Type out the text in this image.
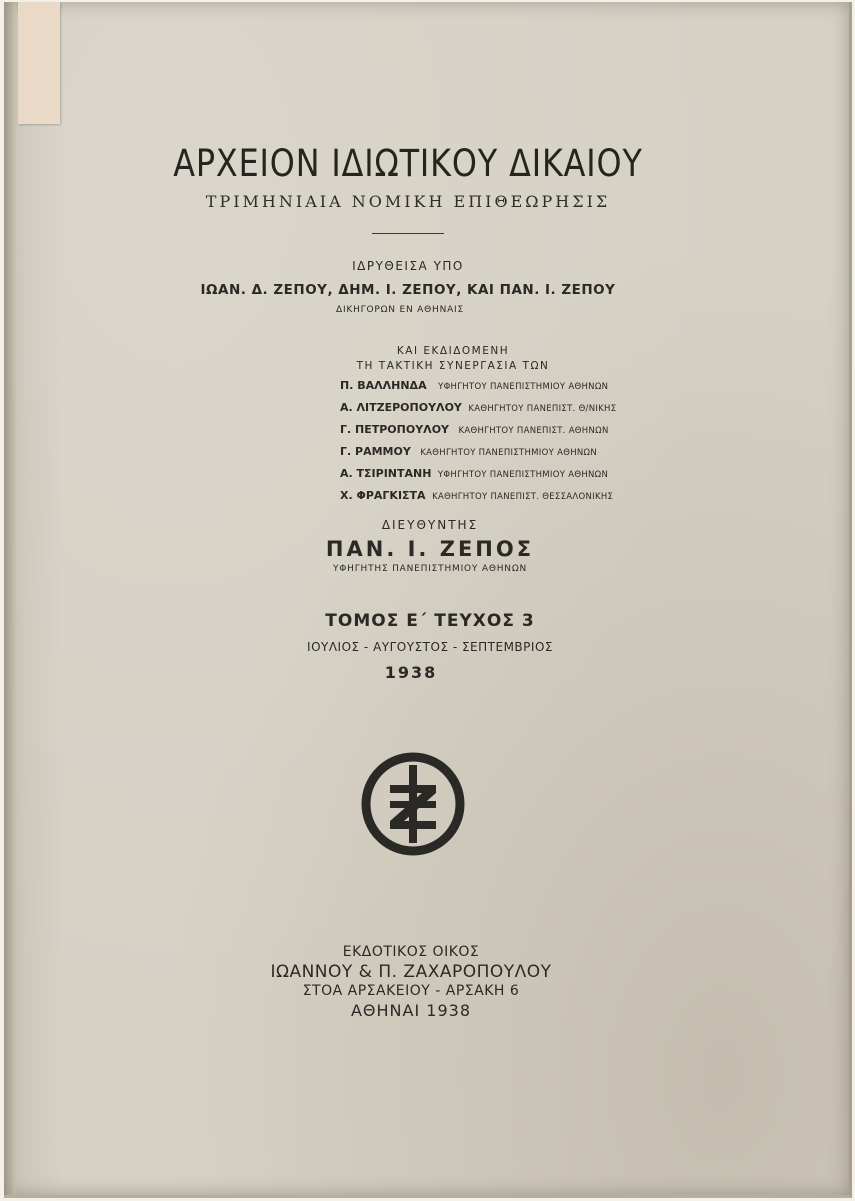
ΑΡΧΕΙΟΝ ΙΔΙΩΤΙΚΟΥ ΔΙΚΑΙΟΥ

ΤΡΙΜΗΝΙΑΙΑ ΝΟΜΙΚΗ ΕΠΙΘΕΩΡΗΣΙΣ

ΙΔΡΥΘΕΙΣΑ ΥΠΟ

ΙΩΑΝ. Δ. ΖΕΠΟΥ, ΔΗΜ. Ι. ΖΕΠΟΥ, ΚΑΙ ΠΑΝ. Ι. ΖΕΠΟΥ

ΔΙΚΗΓΟΡΩΝ ΕΝ ΑΘΗΝΑΙΣ

ΚΑΙ ΕΚΔΙΔΟΜΕΝΗ

ΤΗ ΤΑΚΤΙΚΗ ΣΥΝΕΡΓΑΣΙΑ ΤΩΝ

Π. ΒΑΛΛΗΝΔΑ ΥΦΗΓΗΤΟΥ ΠΑΝΕΠΙΣΤΗΜΙΟΥ ΑΘΗΝΩΝ

Α. ΛΙΤΖΕΡΟΠΟΥΛΟΥ ΚΑΘΗΓΗΤΟΥ ΠΑΝΕΠΙΣΤ. Θ/ΝΙΚΗΣ

Γ. ΠΕΤΡΟΠΟΥΛΟΥ ΚΑΘΗΓΗΤΟΥ ΠΑΝΕΠΙΣΤ. ΑΘΗΝΩΝ

Γ. ΡΑΜΜΟΥ ΚΑΘΗΓΗΤΟΥ ΠΑΝΕΠΙΣΤΗΜΙΟΥ ΑΘΗΝΩΝ

Α. ΤΣΙΡΙΝΤΑΝΗ ΥΦΗΓΗΤΟΥ ΠΑΝΕΠΙΣΤΗΜΙΟΥ ΑΘΗΝΩΝ

Χ. ΦΡΑΓΚΙΣΤΑ ΚΑΘΗΓΗΤΟΥ ΠΑΝΕΠΙΣΤ. ΘΕΣΣΑΛΟΝΙΚΗΣ

ΔΙΕΥΘΥΝΤΗΣ

ΠΑΝ. Ι. ΖΕΠΟΣ

ΥΦΗΓΗΤΗΣ ΠΑΝΕΠΙΣΤΗΜΙΟΥ ΑΘΗΝΩΝ

ΤΟΜΟΣ Ε΄ ΤΕΥΧΟΣ 3

ΙΟΥΛΙΟΣ - ΑΥΓΟΥΣΤΟΣ - ΣΕΠΤΕΜΒΡΙΟΣ

1938

ΕΚΔΟΤΙΚΟΣ ΟΙΚΟΣ

ΙΩΑΝΝΟΥ & Π. ΖΑΧΑΡΟΠΟΥΛΟΥ

ΣΤΟΑ ΑΡΣΑΚΕΙΟΥ - ΑΡΣΑΚΗ 6

ΑΘΗΝΑΙ 1938
